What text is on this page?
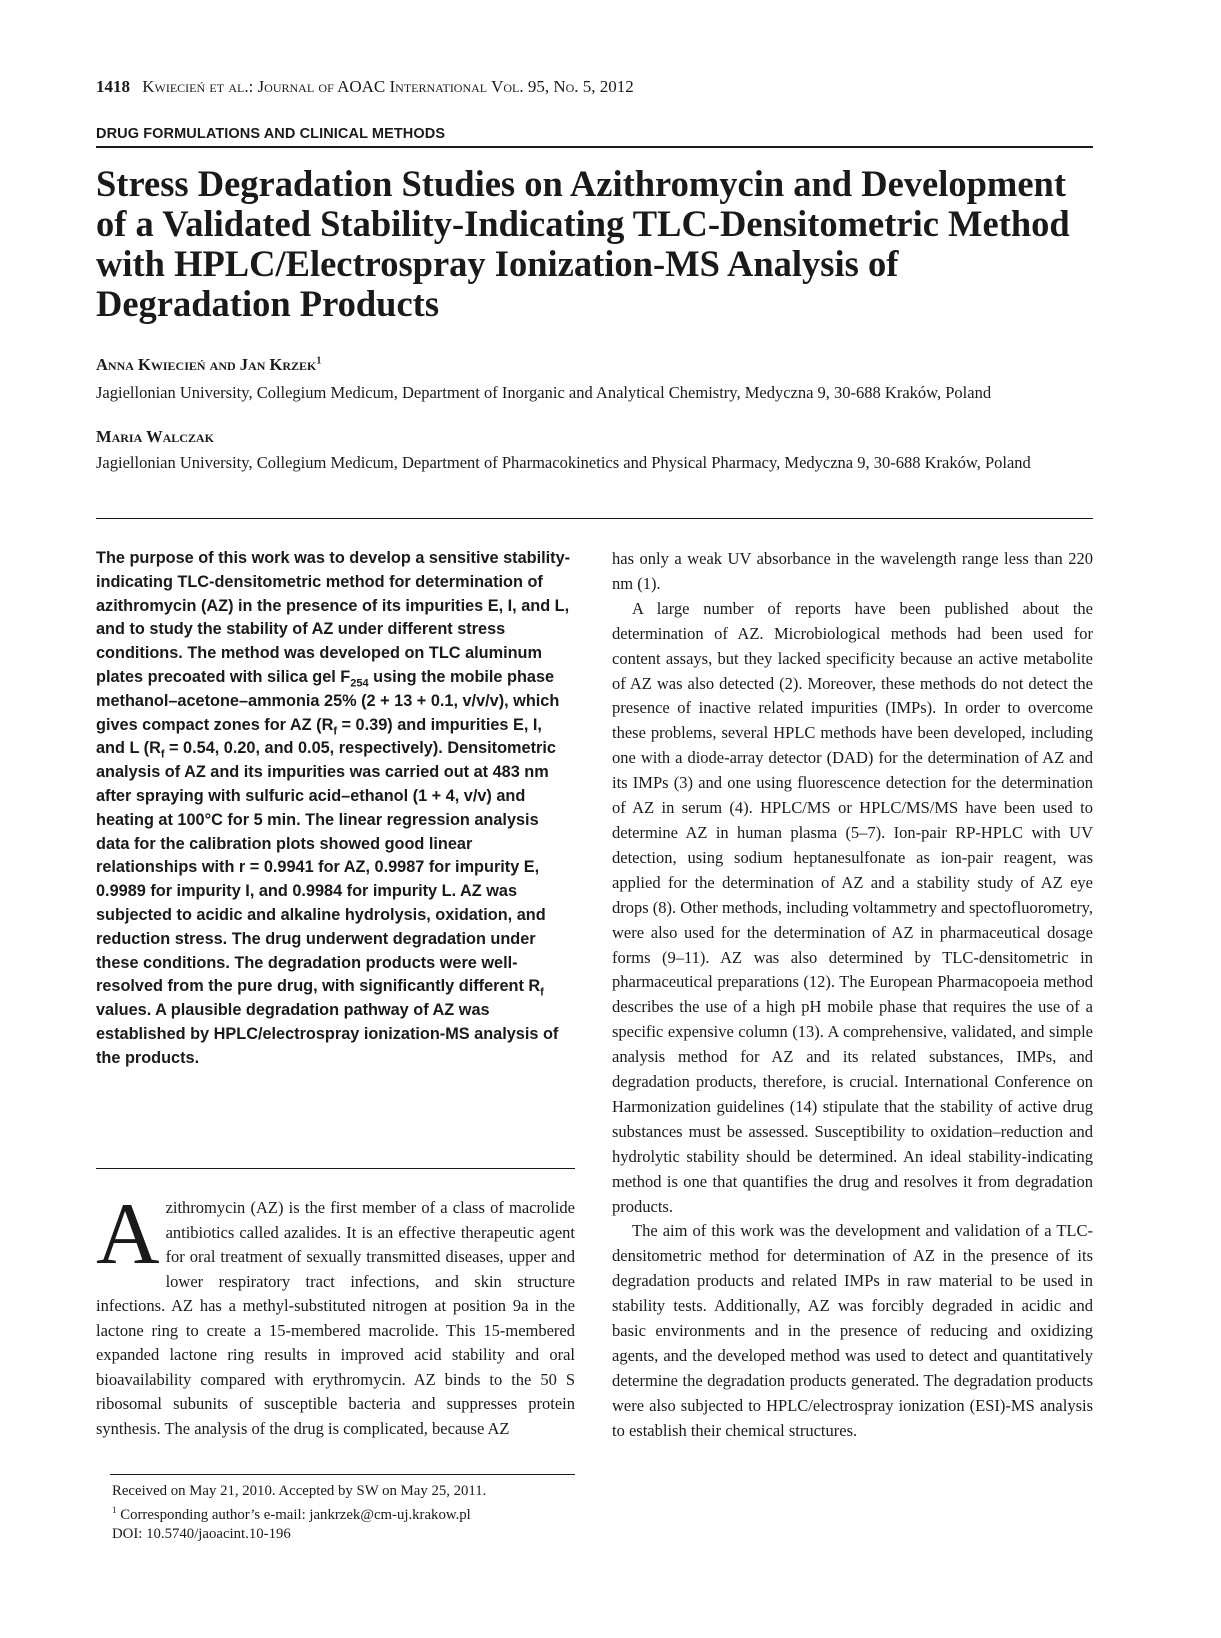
1418 Kwiecień et al.: Journal of AOAC International Vol. 95, No. 5, 2012
DRUG FORMULATIONS AND CLINICAL METHODS
Stress Degradation Studies on Azithromycin and Development of a Validated Stability-Indicating TLC-Densitometric Method with HPLC/Electrospray Ionization-MS Analysis of Degradation Products
Anna Kwiecień and Jan Krzek$^1$
Jagiellonian University, Collegium Medicum, Department of Inorganic and Analytical Chemistry, Medyczna 9, 30-688 Kraków, Poland
Maria Walczak
Jagiellonian University, Collegium Medicum, Department of Pharmacokinetics and Physical Pharmacy, Medyczna 9, 30-688 Kraków, Poland

The purpose of this work was to develop a sensitive stability-indicating TLC-densitometric method for determination of azithromycin (AZ) in the presence of its impurities E, I, and L, and to study the stability of AZ under different stress conditions. The method was developed on TLC aluminum plates precoated with silica gel $F_{254}$ using the mobile phase methanol–acetone–ammonia 25% (2 + 13 + 0.1, v/v/v), which gives compact zones for AZ $(R_f = 0.39)$ and impurities E, I, and L ($R_f = 0.54$, 0.20, and 0.05, respectively). Densitometric analysis of AZ and its impurities was carried out at 483 nm after spraying with sulfuric acid–ethanol (1 + 4, v/v) and heating at 100°C for 5 min. The linear regression analysis data for the calibration plots showed good linear relationships with r = 0.9941 for AZ, 0.9987 for impurity E, 0.9989 for impurity I, and 0.9984 for impurity L. AZ was subjected to acidic and alkaline hydrolysis, oxidation, and reduction stress. The drug underwent degradation under these conditions. The degradation products were well-resolved from the pure drug, with significantly different $R_f$ values. A plausible degradation pathway of AZ was established by HPLC/electrospray ionization-MS analysis of the products.

Azithromycin (AZ) is the first member of a class of macrolide antibiotics called azalides. It is an effective therapeutic agent for oral treatment of sexually transmitted diseases, upper and lower respiratory tract infections, and skin structure infections. AZ has a methyl-substituted nitrogen at position 9a in the lactone ring to create a 15-membered macrolide. This 15-membered expanded lactone ring results in improved acid stability and oral bioavailability compared with erythromycin. AZ binds to the 50 S ribosomal subunits of susceptible bacteria and suppresses protein synthesis. The analysis of the drug is complicated, because AZ

Received on May 21, 2010. Accepted by SW on May 25, 2011.

$^1$ Corresponding author’s e-mail: jankrzek@cm-uj.krakow.pl

DOI: 10.5740/jaoacint.10-196

has only a weak UV absorbance in the wavelength range less than 220 nm (1).

A large number of reports have been published about the determination of AZ. Microbiological methods had been used for content assays, but they lacked specificity because an active metabolite of AZ was also detected (2). Moreover, these methods do not detect the presence of inactive related impurities (IMPs). In order to overcome these problems, several HPLC methods have been developed, including one with a diode-array detector (DAD) for the determination of AZ and its IMPs (3) and one using fluorescence detection for the determination of AZ in serum (4). HPLC/MS or HPLC/MS/MS have been used to determine AZ in human plasma (5–7). Ion-pair RP-HPLC with UV detection, using sodium heptanesulfonate as ion-pair reagent, was applied for the determination of AZ and a stability study of AZ eye drops (8). Other methods, including voltammetry and spectofluorometry, were also used for the determination of AZ in pharmaceutical dosage forms (9–11). AZ was also determined by TLC-densitometric in pharmaceutical preparations (12). The European Pharmacopoeia method describes the use of a high pH mobile phase that requires the use of a specific expensive column (13). A comprehensive, validated, and simple analysis method for AZ and its related substances, IMPs, and degradation products, therefore, is crucial. International Conference on Harmonization guidelines (14) stipulate that the stability of active drug substances must be assessed. Susceptibility to oxidation–reduction and hydrolytic stability should be determined. An ideal stability-indicating method is one that quantifies the drug and resolves it from degradation products.

The aim of this work was the development and validation of a TLC-densitometric method for determination of AZ in the presence of its degradation products and related IMPs in raw material to be used in stability tests. Additionally, AZ was forcibly degraded in acidic and basic environments and in the presence of reducing and oxidizing agents, and the developed method was used to detect and quantitatively determine the degradation products generated. The degradation products were also subjected to HPLC/electrospray ionization (ESI)-MS analysis to establish their chemical structures.
